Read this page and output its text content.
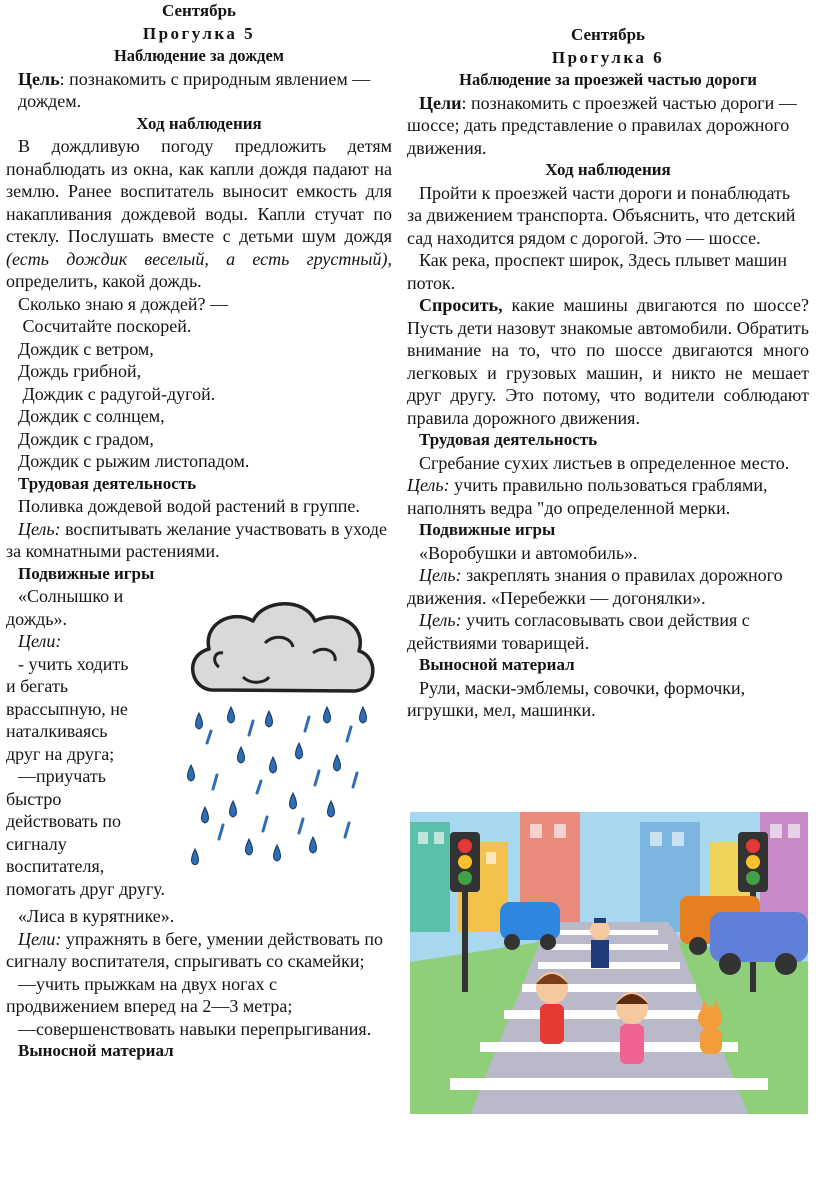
Сентябрь
Прогулка 5
Наблюдение за дождем

Цель: познакомить с природным явлением — дождем.

Ход наблюдения

В дождливую погоду предложить детям понаблюдать из окна, как капли дождя падают на землю. Ранее воспитатель выносит емкость для накапливания дождевой воды. Капли стучат по стеклу. Послушать вместе с детьми шум дождя (есть дождик веселый, а есть грустный), определить, какой дождь.

Сколько знаю я дождей? —

Сосчитайте поскорей.

Дождик с ветром,

Дождь грибной,

Дождик с радугой-дугой.

Дождик с солнцем,

Дождик с градом,

Дождик с рыжим листопадом.

Трудовая деятельность

Поливка дождевой водой растений в группе.

Цель: воспитывать желание участвовать в уходе за комнатными растениями.

Подвижные игры

«Солнышко и

дождь».

Цели:

- учить ходить

и бегать

врассыпную, не

наталкиваясь

друг на друга;

—приучать

быстро

действовать по

сигналу

воспитателя,

помогать друг другу.

«Лиса в курятнике».

Цели: упражнять в беге, умении действовать по сигналу воспитателя, спрыгивать со скамейки;

—учить прыжкам на двух ногах с продвижением вперед на 2—3 метра;

—совершенствовать навыки перепрыгивания.

Выносной материал
Сентябрь
Прогулка 6
Наблюдение за проезжей частью дороги

Цели: познакомить с проезжей частью дороги — шоссе; дать представление о правилах дорожного движения.

Ход наблюдения

Пройти к проезжей части дороги и понаблюдать за движением транспорта. Объяснить, что детский сад находится рядом с дорогой. Это — шоссе.

Как река, проспект широк, Здесь плывет машин поток.

Спросить, какие машины двигаются по шоссе? Пусть дети назовут знакомые автомобили. Обратить внимание на то, что по шоссе двигаются много легковых и грузовых машин, и никто не мешает друг другу. Это потому, что водители соблюдают правила дорожного движения.

Трудовая деятельность

Сгребание сухих листьев в определенное место. Цель: учить правильно пользоваться граблями, наполнять ведра "до определенной мерки.

Подвижные игры

«Воробушки и автомобиль».

Цель: закреплять знания о правилах дорожного движения. «Перебежки — догонялки».

Цель: учить согласовывать свои действия с действиями товарищей.

Выносной материал

Рули, маски-эмблемы, совочки, формочки, игрушки, мел, машинки.
